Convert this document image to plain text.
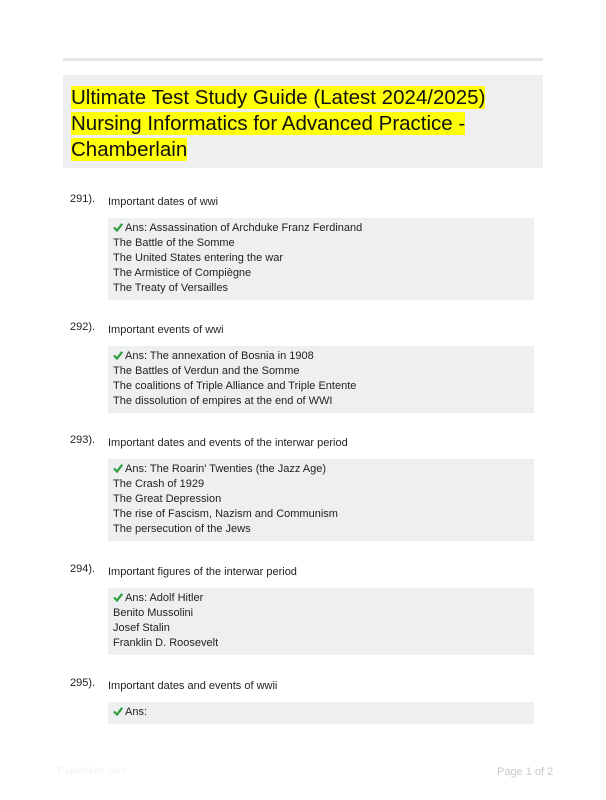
Ultimate Test Study Guide (Latest 2024/2025) Nursing Informatics for Advanced Practice - Chamberlain

291). Important dates of wwi
Ans: Assassination of Archduke Franz Ferdinand
The Battle of the Somme
The United States entering the war
The Armistice of Compiègne
The Treaty of Versailles
292). Important events of wwi
Ans: The annexation of Bosnia in 1908
The Battles of Verdun and the Somme
The coalitions of Triple Alliance and Triple Entente
The dissolution of empires at the end of WWI
293). Important dates and events of the interwar period
Ans: The Roarin' Twenties (the Jazz Age)
The Crash of 1929
The Great Depression
The rise of Fascism, Nazism and Communism
The persecution of the Jews
294). Important figures of the interwar period
Ans: Adolf Hitler
Benito Mussolini
Josef Stalin
Franklin D. Roosevelt
295). Important dates and events of wwii
Ans:
PaperNibc.com	Page 1 of 2
